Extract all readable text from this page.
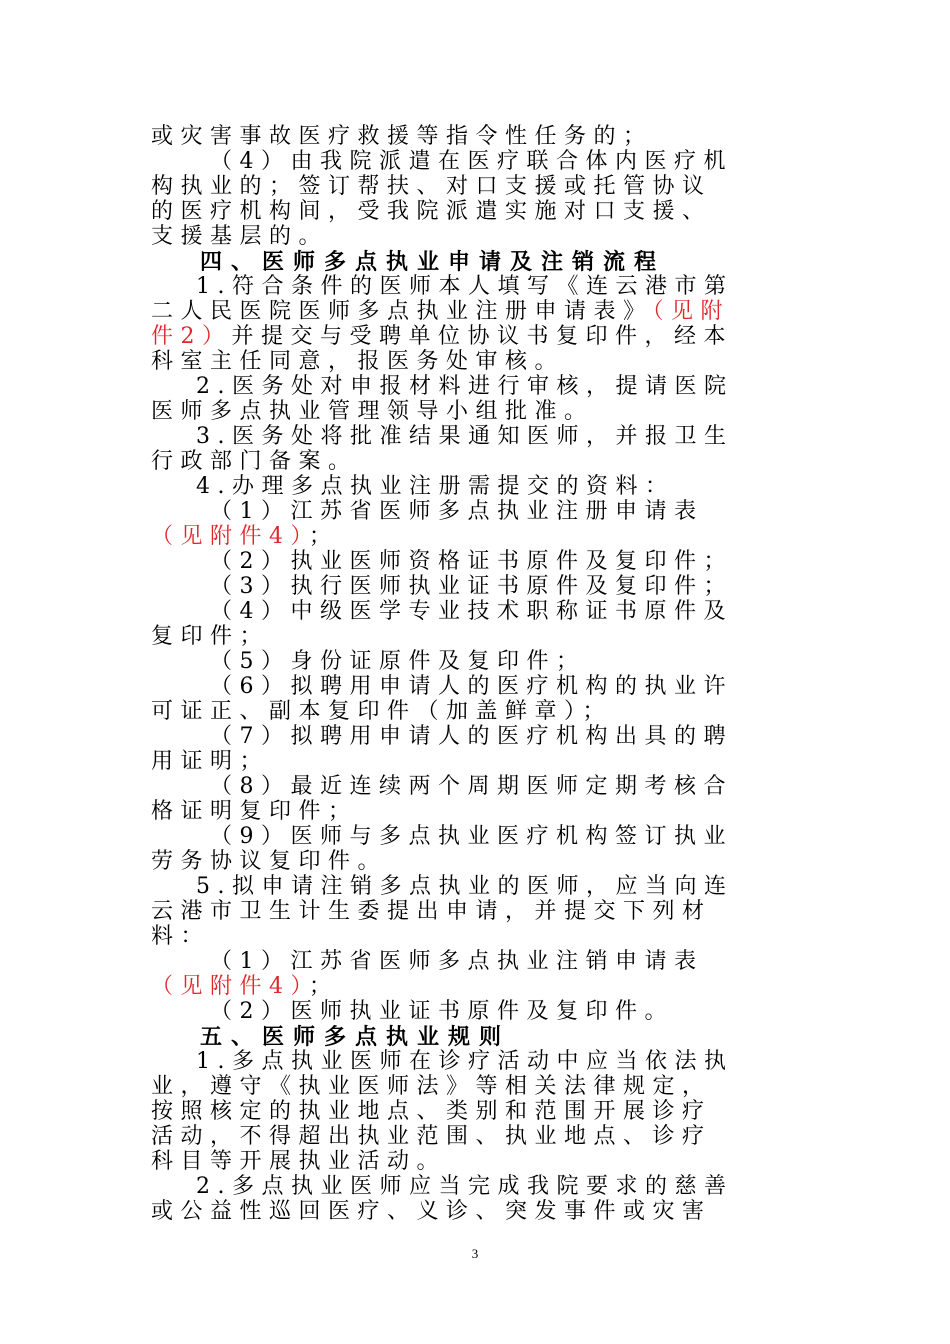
或灾害事故医疗救援等指令性任务的；
（4）由我院派遣在医疗联合体内医疗机
构执业的；签订帮扶、对口支援或托管协议
的医疗机构间，受我院派遣实施对口支援、
支援基层的。
四、医师多点执业申请及注销流程
1.符合条件的医师本人填写《连云港市第
二人民医院医师多点执业注册申请表》（见附
件2）并提交与受聘单位协议书复印件，经本
科室主任同意，报医务处审核。
2.医务处对申报材料进行审核，提请医院
医师多点执业管理领导小组批准。
3.医务处将批准结果通知医师，并报卫生
行政部门备案。
4.办理多点执业注册需提交的资料：
（1）江苏省医师多点执业注册申请表
（见附件4）；
（2）执业医师资格证书原件及复印件；
（3）执行医师执业证书原件及复印件；
（4）中级医学专业技术职称证书原件及
复印件；
（5）身份证原件及复印件；
（6）拟聘用申请人的医疗机构的执业许
可证正、副本复印件（加盖鲜章）；
（7）拟聘用申请人的医疗机构出具的聘
用证明；
（8）最近连续两个周期医师定期考核合
格证明复印件；
（9）医师与多点执业医疗机构签订执业
劳务协议复印件。
5.拟申请注销多点执业的医师，应当向连
云港市卫生计生委提出申请，并提交下列材
料：
（1）江苏省医师多点执业注销申请表
（见附件4）；
（2）医师执业证书原件及复印件。
五、医师多点执业规则
1.多点执业医师在诊疗活动中应当依法执
业，遵守《执业医师法》等相关法律规定，
按照核定的执业地点、类别和范围开展诊疗
活动，不得超出执业范围、执业地点、诊疗
科目等开展执业活动。
2.多点执业医师应当完成我院要求的慈善
或公益性巡回医疗、义诊、突发事件或灾害
3
